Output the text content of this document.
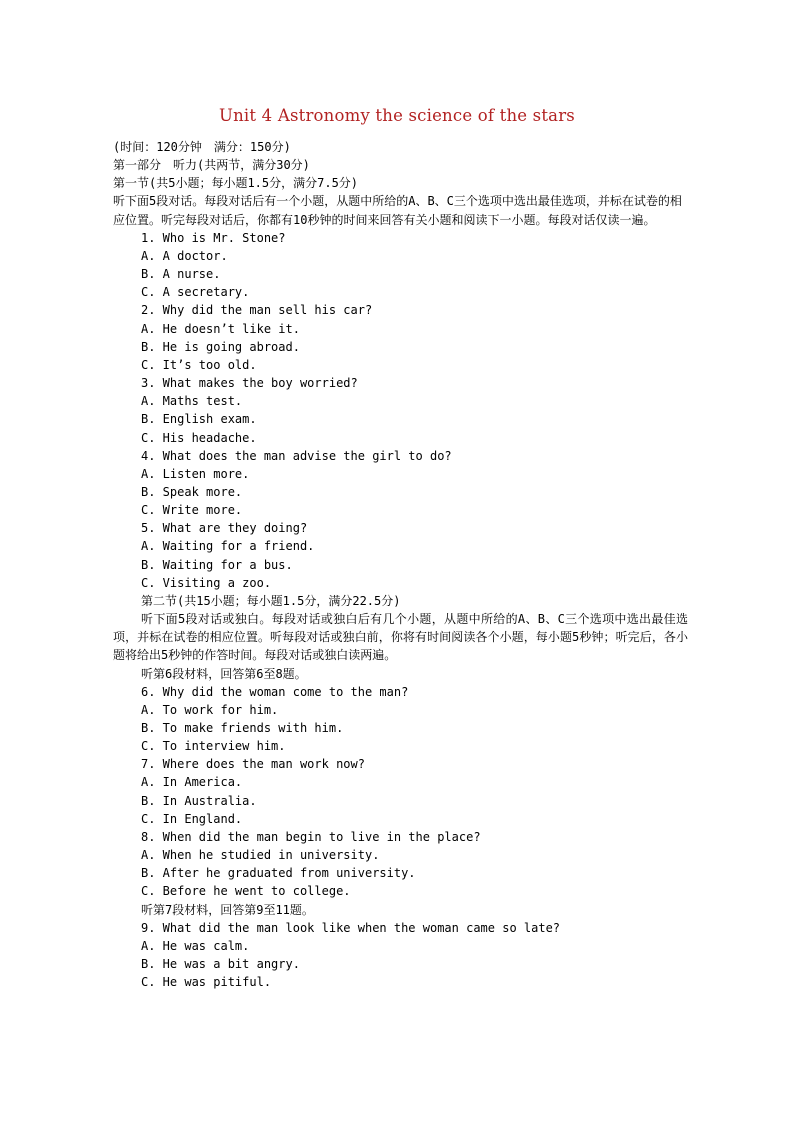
Unit 4 Astronomy the science of the stars
(时间：120分钟　满分：150分)
第一部分　听力(共两节，满分30分)
第一节(共5小题；每小题1.5分，满分7.5分)
听下面5段对话。每段对话后有一个小题，从题中所给的A、B、C三个选项中选出最佳选项，并标在试卷的相应位置。听完每段对话后，你都有10秒钟的时间来回答有关小题和阅读下一小题。每段对话仅读一遍。
1. Who is Mr. Stone?
A. A doctor.
B. A nurse.
C. A secretary.
2. Why did the man sell his car?
A. He doesn’t like it.
B. He is going abroad.
C. It’s too old.
3. What makes the boy worried?
A. Maths test.
B. English exam.
C. His headache.
4. What does the man advise the girl to do?
A. Listen more.
B. Speak more.
C. Write more.
5. What are they doing?
A. Waiting for a friend.
B. Waiting for a bus.
C. Visiting a zoo.
第二节(共15小题；每小题1.5分，满分22.5分)
听下面5段对话或独白。每段对话或独白后有几个小题，从题中所给的A、B、C三个选项中选出最佳选项，并标在试卷的相应位置。听每段对话或独白前，你将有时间阅读各个小题，每小题5秒钟；听完后，各小题将给出5秒钟的作答时间。每段对话或独白读两遍。
听第6段材料，回答第6至8题。
6. Why did the woman come to the man?
A. To work for him.
B. To make friends with him.
C. To interview him.
7. Where does the man work now?
A. In America.
B. In Australia.
C. In England.
8. When did the man begin to live in the place?
A. When he studied in university.
B. After he graduated from university.
C. Before he went to college.
听第7段材料，回答第9至11题。
9. What did the man look like when the woman came so late?
A. He was calm.
B. He was a bit angry.
C. He was pitiful.
